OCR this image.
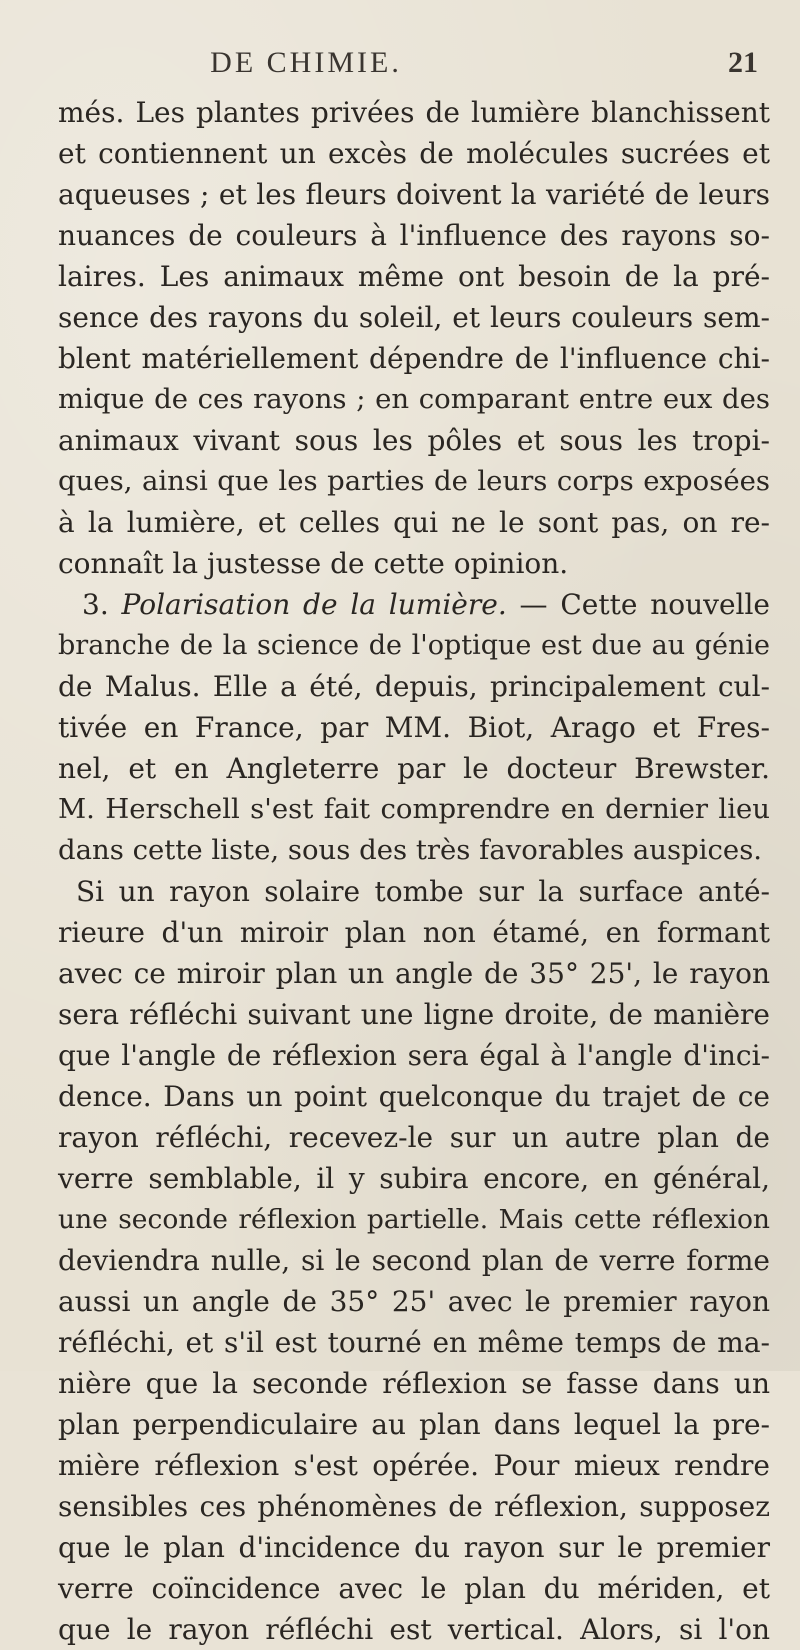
DE CHIMIE.	21
més. Les plantes privées de lumière blanchissent
et contiennent un excès de molécules sucrées et
aqueuses ; et les fleurs doivent la variété de leurs
nuances de couleurs à l'influence des rayons so-
laires. Les animaux même ont besoin de la pré-
sence des rayons du soleil, et leurs couleurs sem-
blent matériellement dépendre de l'influence chi-
mique de ces rayons ; en comparant entre eux des
animaux vivant sous les pôles et sous les tropi-
ques, ainsi que les parties de leurs corps exposées
à la lumière, et celles qui ne le sont pas, on re-
connaît la justesse de cette opinion.
3. Polarisation de la lumière. — Cette nouvelle
branche de la science de l'optique est due au génie
de Malus. Elle a été, depuis, principalement cul-
tivée en France, par MM. Biot, Arago et Fres-
nel, et en Angleterre par le docteur Brewster.
M. Herschell s'est fait comprendre en dernier lieu
dans cette liste, sous des très favorables auspices.
Si un rayon solaire tombe sur la surface anté-
rieure d'un miroir plan non étamé, en formant
avec ce miroir plan un angle de 35° 25', le rayon
sera réfléchi suivant une ligne droite, de manière
que l'angle de réflexion sera égal à l'angle d'inci-
dence. Dans un point quelconque du trajet de ce
rayon réfléchi, recevez-le sur un autre plan de
verre semblable, il y subira encore, en général,
une seconde réflexion partielle. Mais cette réflexion
deviendra nulle, si le second plan de verre forme
aussi un angle de 35° 25' avec le premier rayon
réfléchi, et s'il est tourné en même temps de ma-
nière que la seconde réflexion se fasse dans un
plan perpendiculaire au plan dans lequel la pre-
mière réflexion s'est opérée. Pour mieux rendre
sensibles ces phénomènes de réflexion, supposez
que le plan d'incidence du rayon sur le premier
verre coïncidence avec le plan du mériden, et
que le rayon réfléchi est vertical. Alors, si l'on
